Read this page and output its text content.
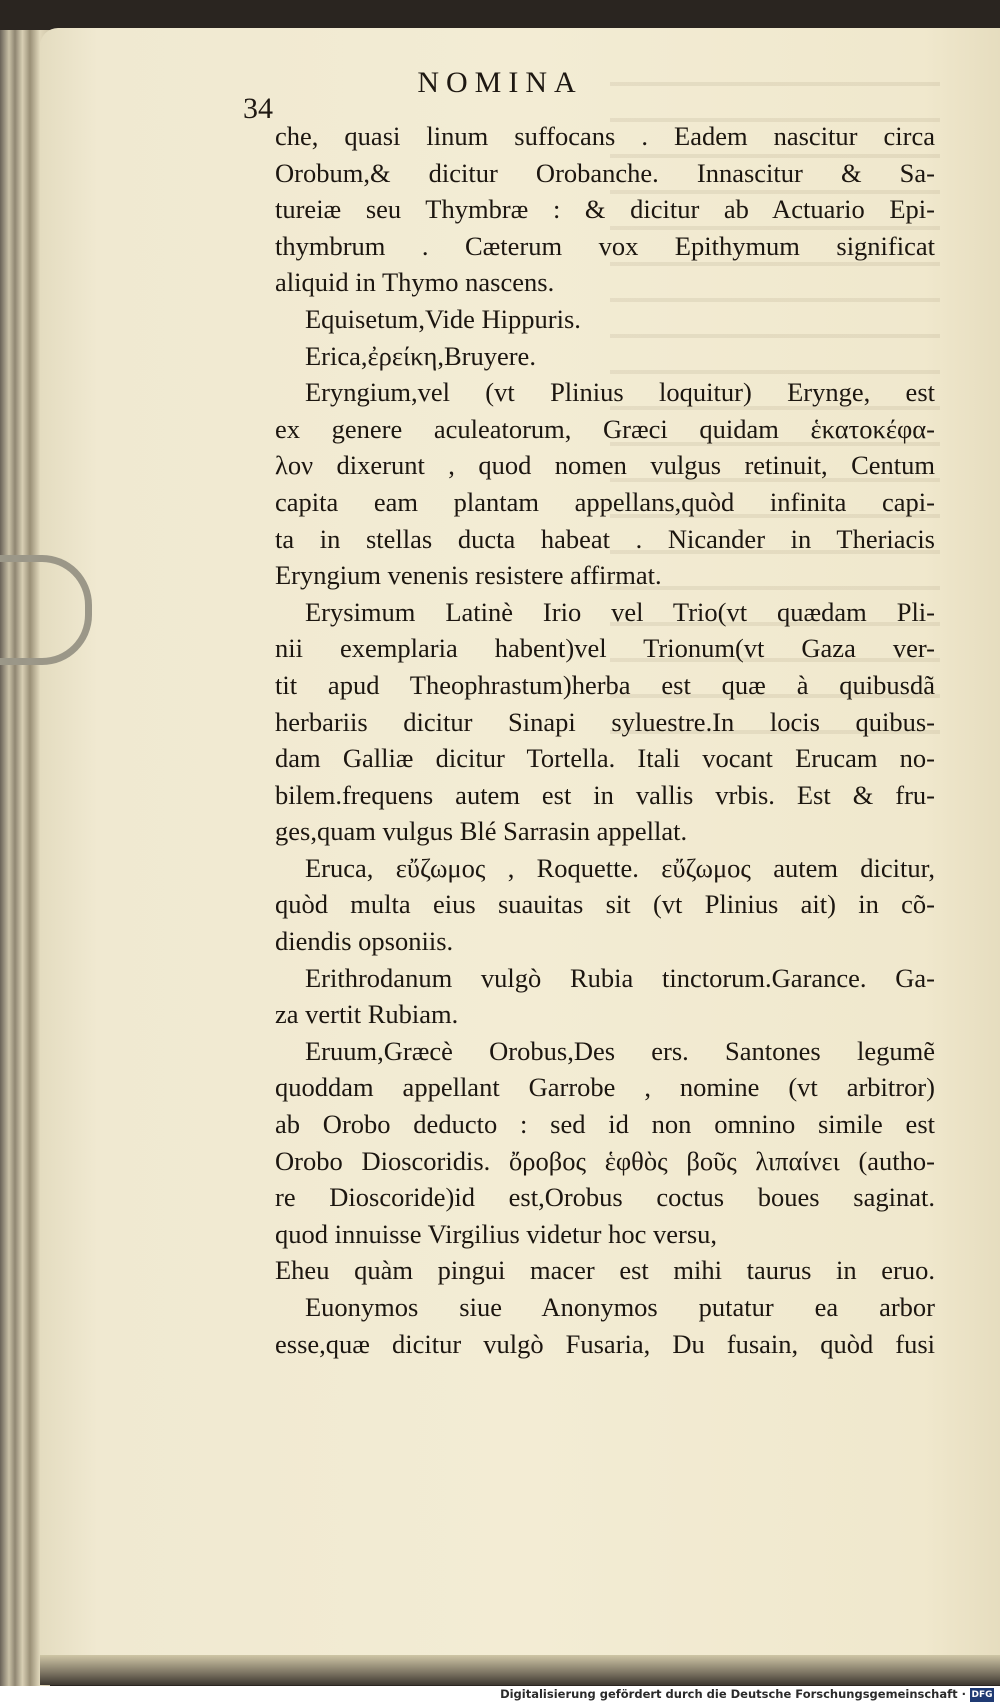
NOMINA
34
che, quasi linum suffocans . Eadem nascitur circa
Orobum,& dicitur Orobanche. Innascitur & Sa-
tureiæ seu Thymbræ : & dicitur ab Actuario Epi-
thymbrum . Cæterum vox Epithymum significat
aliquid in Thymo nascens.
Equisetum,Vide Hippuris.
Erica,ἐρείκη,Bruyere.
Eryngium,vel (vt Plinius loquitur) Erynge, est
ex genere aculeatorum, Græci quidam ἑκατοκέφα-
λον dixerunt , quod nomen vulgus retinuit, Centum
capita eam plantam appellans,quòd infinita capi-
ta in stellas ducta habeat . Nicander in Theriacis
Eryngium venenis resistere affirmat.
Erysimum Latinè Irio vel Trio(vt quædam Pli-
nii exemplaria habent)vel Trionum(vt Gaza ver-
tit apud Theophrastum)herba est quæ à quibusdã
herbariis dicitur Sinapi syluestre.In locis quibus-
dam Galliæ dicitur Tortella. Itali vocant Erucam no-
bilem.frequens autem est in vallis vrbis. Est & fru-
ges,quam vulgus Blé Sarrasin appellat.
Eruca, εὔζωμος , Roquette. εὔζωμος autem dicitur,
quòd multa eius suauitas sit (vt Plinius ait) in cõ-
diendis opsoniis.
Erithrodanum vulgò Rubia tinctorum.Garance. Ga-
za vertit Rubiam.
Eruum,Græcè Orobus,Des ers. Santones legumẽ
quoddam appellant Garrobe , nomine (vt arbitror)
ab Orobo deducto : sed id non omnino simile est
Orobo Dioscoridis. ὄροβος ἑφθὸς βοῦς λιπαίνει (autho-
re Dioscoride)id est,Orobus coctus boues saginat.
quod innuisse Virgilius videtur hoc versu,
Eheu quàm pingui macer est mihi taurus in eruo.
Euonymos siue Anonymos putatur ea arbor
esse,quæ dicitur vulgò Fusaria, Du fusain, quòd fusi
Digitalisierung gefördert durch die Deutsche Forschungsgemeinschaft · DFG
